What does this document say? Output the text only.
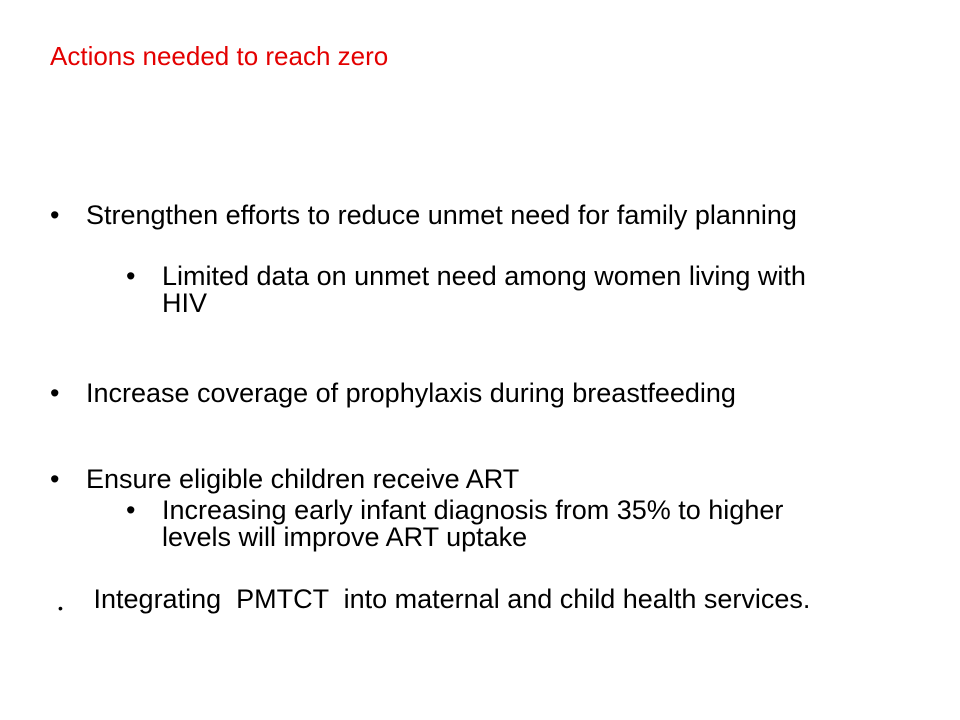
Actions needed to reach zero
• Strengthen efforts to reduce unmet need for family planning
• Limited data on unmet need among women living with HIV
• Increase coverage of prophylaxis during breastfeeding
• Ensure eligible children receive ART
• Increasing early infant diagnosis from 35% to higher levels will improve ART uptake
• Integrating  PMTCT  into maternal and child health services.
